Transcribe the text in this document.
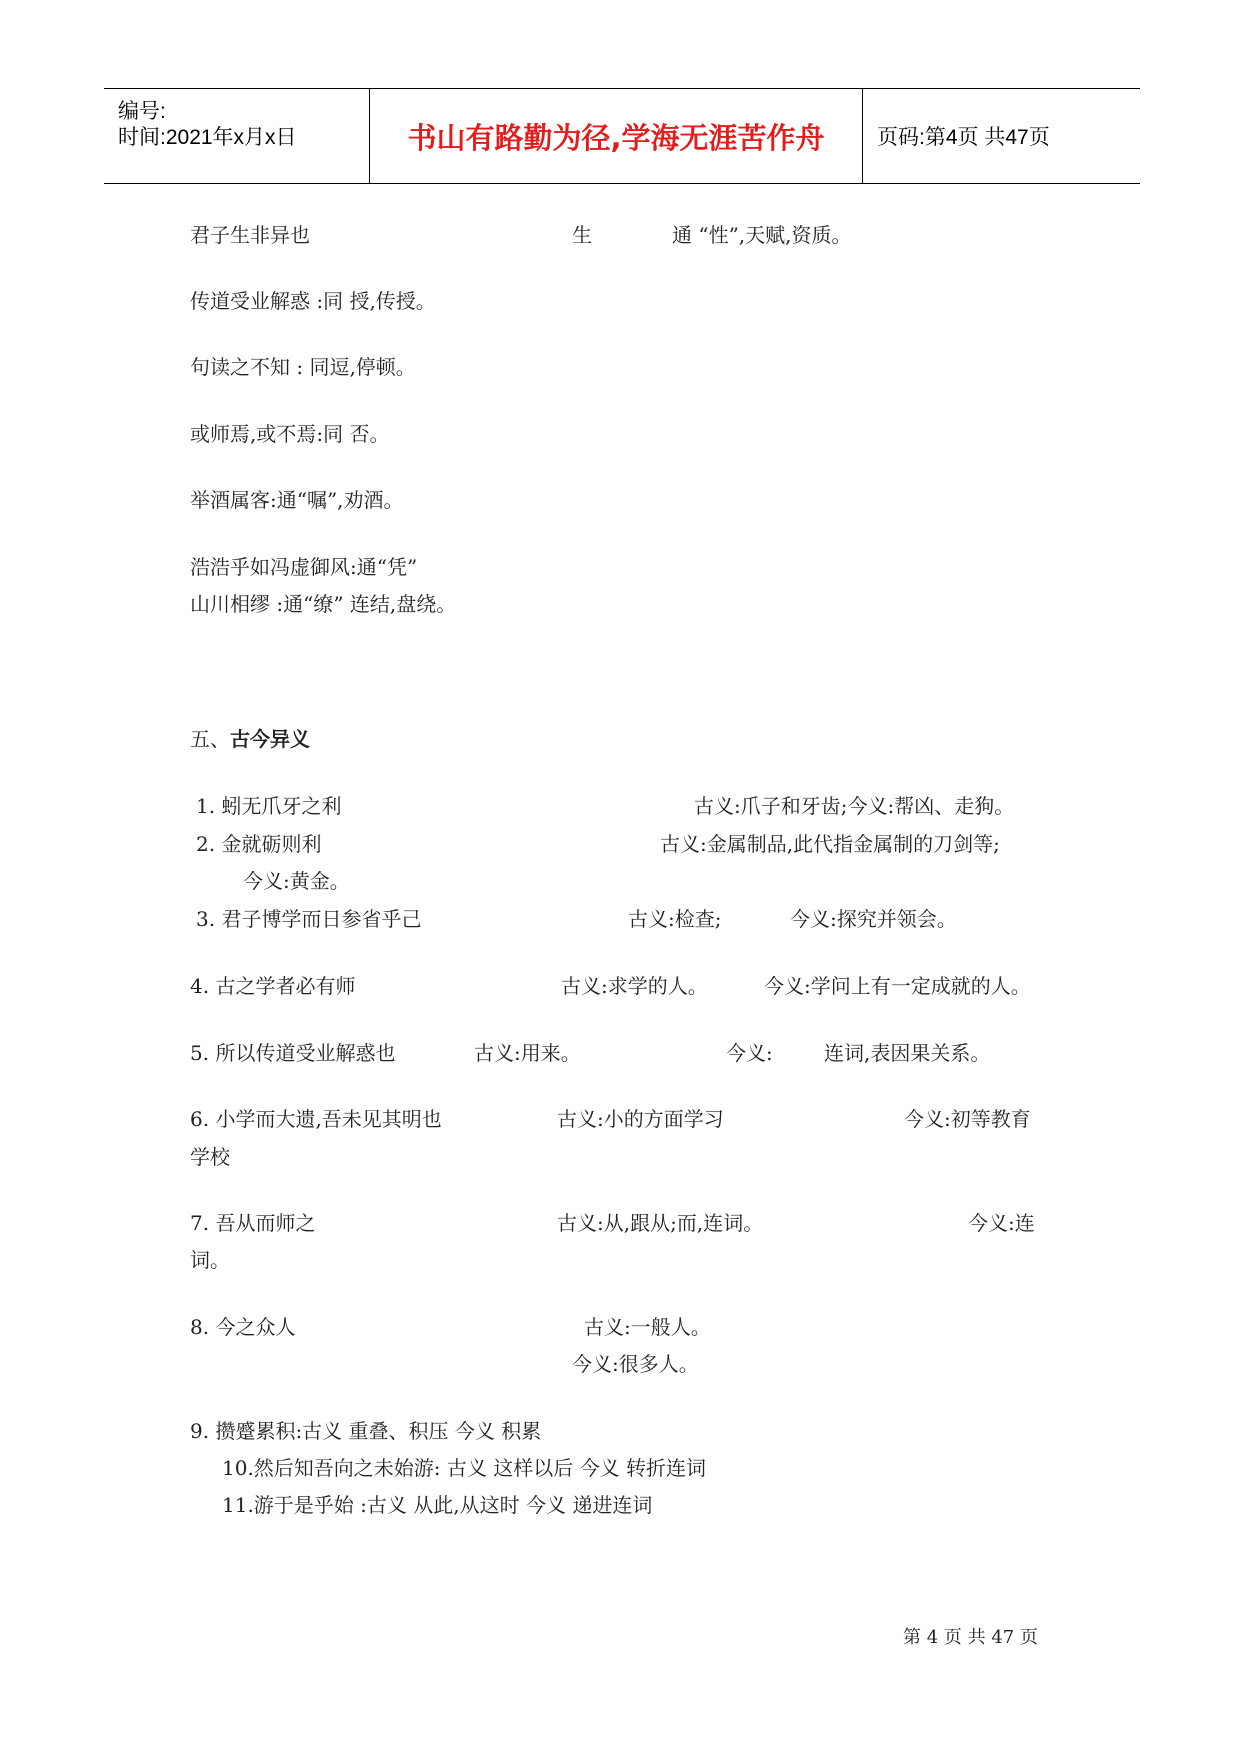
编号:
时间:2021年x月x日	书山有路勤为径,学海无涯苦作舟	页码:第4页 共47页
君子生非异也	生	通 “性”,天赋,资质。
传道受业解惑 :同 授,传授。
句读之不知 : 同逗,停顿。
或师焉,或不焉:同 否。
举酒属客:通“嘱”,劝酒。
浩浩乎如冯虚御风:通“凭”
山川相缪 :通“缭” 连结,盘绕。
五、古今异义
1. 蚓无爪牙之利	古义:爪子和牙齿;今义:帮凶、走狗。
2. 金就砺则利	古义:金属制品,此代指金属制的刀剑等;
今义:黄金。
3. 君子博学而日参省乎己	古义:检查;	今义:探究并领会。
4. 古之学者必有师	古义:求学的人。	今义:学问上有一定成就的人。
5. 所以传道受业解惑也	古义:用来。	今义:	连词,表因果关系。
6. 小学而大遗,吾未见其明也	古义:小的方面学习	今义:初等教育
学校
7. 吾从而师之	古义:从,跟从;而,连词。	今义:连
词。
8. 今之众人	古义:一般人。
今义:很多人。
9. 攒蹙累积:古义 重叠、积压 今义 积累
10.然后知吾向之未始游: 古义 这样以后 今义 转折连词
11.游于是乎始 :古义 从此,从这时 今义 递进连词
第 4 页 共 47 页
